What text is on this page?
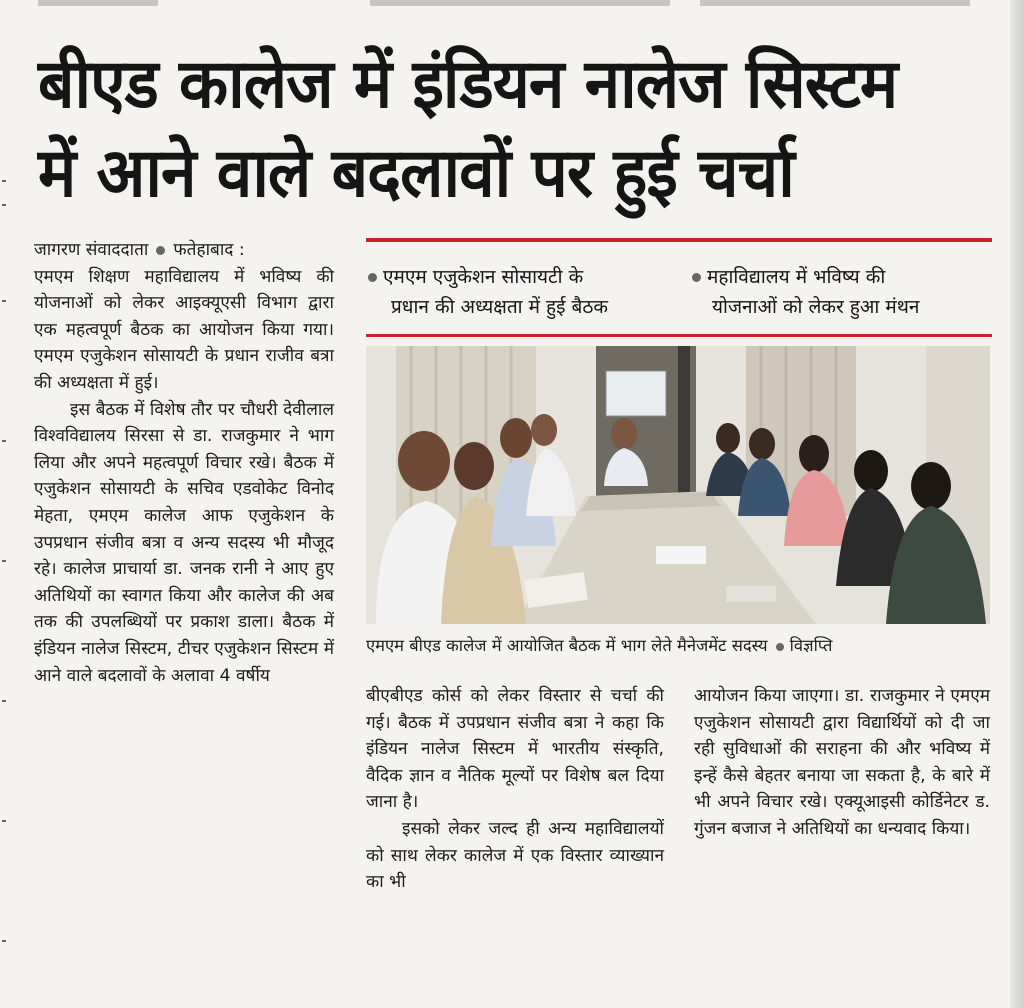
बीएड कालेज में इंडियन नालेज सिस्टम
में आने वाले बदलावों पर हुई चर्चा
जागरण संवाददाता फतेहाबाद :

एमएम शिक्षण महाविद्यालय में भविष्य की योजनाओं को लेकर आइक्यूएसी विभाग द्वारा एक महत्वपूर्ण बैठक का आयोजन किया गया। एमएम एजुकेशन सोसायटी के प्रधान राजीव बत्रा की अध्यक्षता में हुई।

इस बैठक में विशेष तौर पर चौधरी देवीलाल विश्वविद्यालय सिरसा से डा. राजकुमार ने भाग लिया और अपने महत्वपूर्ण विचार रखे। बैठक में एजुकेशन सोसायटी के सचिव एडवोकेट विनोद मेहता, एमएम कालेज आफ एजुकेशन के उपप्रधान संजीव बत्रा व अन्य सदस्य भी मौजूद रहे। कालेज प्राचार्या डा. जनक रानी ने आए हुए अतिथियों का स्वागत किया और कालेज की अब तक की उपलब्धियों पर प्रकाश डाला। बैठक में इंडियन नालेज सिस्टम, टीचर एजुकेशन सिस्टम में आने वाले बदलावों के अलावा 4 वर्षीय

एमएम एजुकेशन सोसायटी के
प्रधान की अध्यक्षता में हुई बैठक
महाविद्यालय में भविष्य की
योजनाओं को लेकर हुआ मंथन
एमएम बीएड कालेज में आयोजित बैठक में भाग लेते मैनेजमेंट सदस्य विज्ञप्ति

बीएबीएड कोर्स को लेकर विस्तार से चर्चा की गई। बैठक में उपप्रधान संजीव बत्रा ने कहा कि इंडियन नालेज सिस्टम में भारतीय संस्कृति, वैदिक ज्ञान व नैतिक मूल्यों पर विशेष बल दिया जाना है।

इसको लेकर जल्द ही अन्य महाविद्यालयों को साथ लेकर कालेज में एक विस्तार व्याख्यान का भी

आयोजन किया जाएगा। डा. राजकुमार ने एमएम एजुकेशन सोसायटी द्वारा विद्यार्थियों को दी जा रही सुविधाओं की सराहना की और भविष्य में इन्हें कैसे बेहतर बनाया जा सकता है, के बारे में भी अपने विचार रखे। एक्यूआइसी कोर्डिनेटर ड. गुंजन बजाज ने अतिथियों का धन्यवाद किया।
